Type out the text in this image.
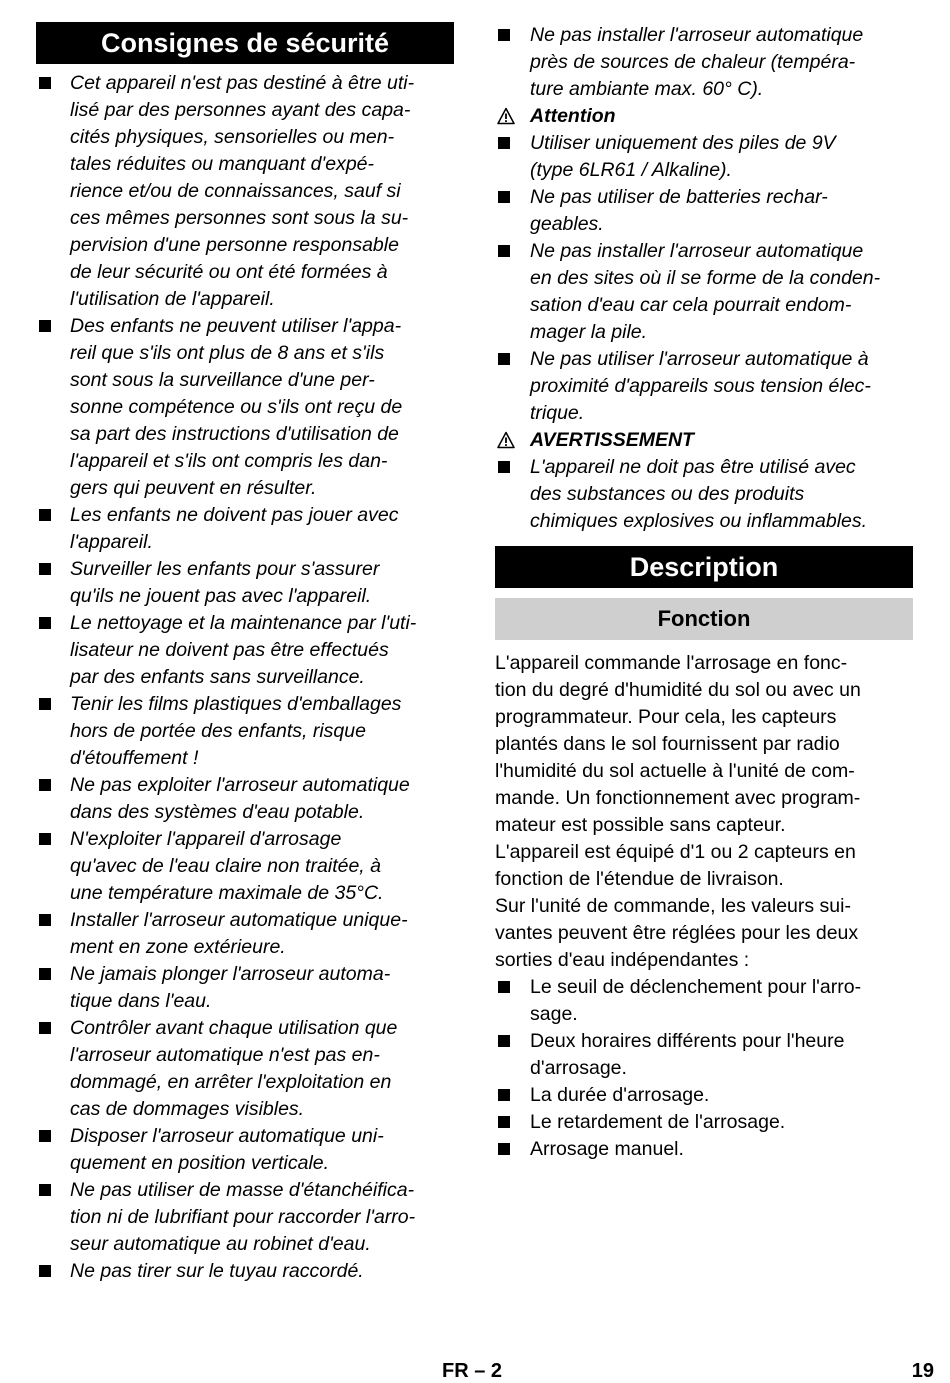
Consignes de sécurité
Cet appareil n'est pas destiné à être uti-
lisé par des personnes ayant des capa-
cités physiques, sensorielles ou men-
tales réduites ou manquant d'expé-
rience et/ou de connaissances, sauf si
ces mêmes personnes sont sous la su-
pervision d'une personne responsable
de leur sécurité ou ont été formées à
l'utilisation de l'appareil.
Des enfants ne peuvent utiliser l'appa-
reil que s'ils ont plus de 8 ans et s'ils
sont sous la surveillance d'une per-
sonne compétence ou s'ils ont reçu de
sa part des instructions d'utilisation de
l'appareil et s'ils ont compris les dan-
gers qui peuvent en résulter.
Les enfants ne doivent pas jouer avec
l'appareil.
Surveiller les enfants pour s'assurer
qu'ils ne jouent pas avec l'appareil.
Le nettoyage et la maintenance par l'uti-
lisateur ne doivent pas être effectués
par des enfants sans surveillance.
Tenir les films plastiques d'emballages
hors de portée des enfants, risque
d'étouffement !
Ne pas exploiter l'arroseur automatique
dans des systèmes d'eau potable.
N'exploiter l'appareil d'arrosage
qu'avec de l'eau claire non traitée, à
une température maximale de 35°C.
Installer l'arroseur automatique unique-
ment en zone extérieure.
Ne jamais plonger l'arroseur automa-
tique dans l'eau.
Contrôler avant chaque utilisation que
l'arroseur automatique n'est pas en-
dommagé, en arrêter l'exploitation en
cas de dommages visibles.
Disposer l'arroseur automatique uni-
quement en position verticale.
Ne pas utiliser de masse d'étanchéifica-
tion ni de lubrifiant pour raccorder l'arro-
seur automatique au robinet d'eau.
Ne pas tirer sur le tuyau raccordé.
Ne pas installer l'arroseur automatique
près de sources de chaleur (tempéra-
ture ambiante max. 60° C).
Attention
Utiliser uniquement des piles de 9V
(type 6LR61 / Alkaline).
Ne pas utiliser de batteries rechar-
geables.
Ne pas installer l'arroseur automatique
en des sites où il se forme de la conden-
sation d'eau car cela pourrait endom-
mager la pile.
Ne pas utiliser l'arroseur automatique à
proximité d'appareils sous tension élec-
trique.
AVERTISSEMENT
L'appareil ne doit pas être utilisé avec
des substances ou des produits
chimiques explosives ou inflammables.
Description
Fonction

L'appareil commande l'arrosage en fonc-
tion du degré d'humidité du sol ou avec un
programmateur. Pour cela, les capteurs
plantés dans le sol fournissent par radio
l'humidité du sol actuelle à l'unité de com-
mande. Un fonctionnement avec program-
mateur est possible sans capteur.

L'appareil est équipé d'1 ou 2 capteurs en
fonction de l'étendue de livraison.

Sur l'unité de commande, les valeurs sui-
vantes peuvent être réglées pour les deux
sorties d'eau indépendantes :

Le seuil de déclenchement pour l'arro-
sage.
Deux horaires différents pour l'heure
d'arrosage.
La durée d'arrosage.
Le retardement de l'arrosage.
Arrosage manuel.
FR – 2	19
